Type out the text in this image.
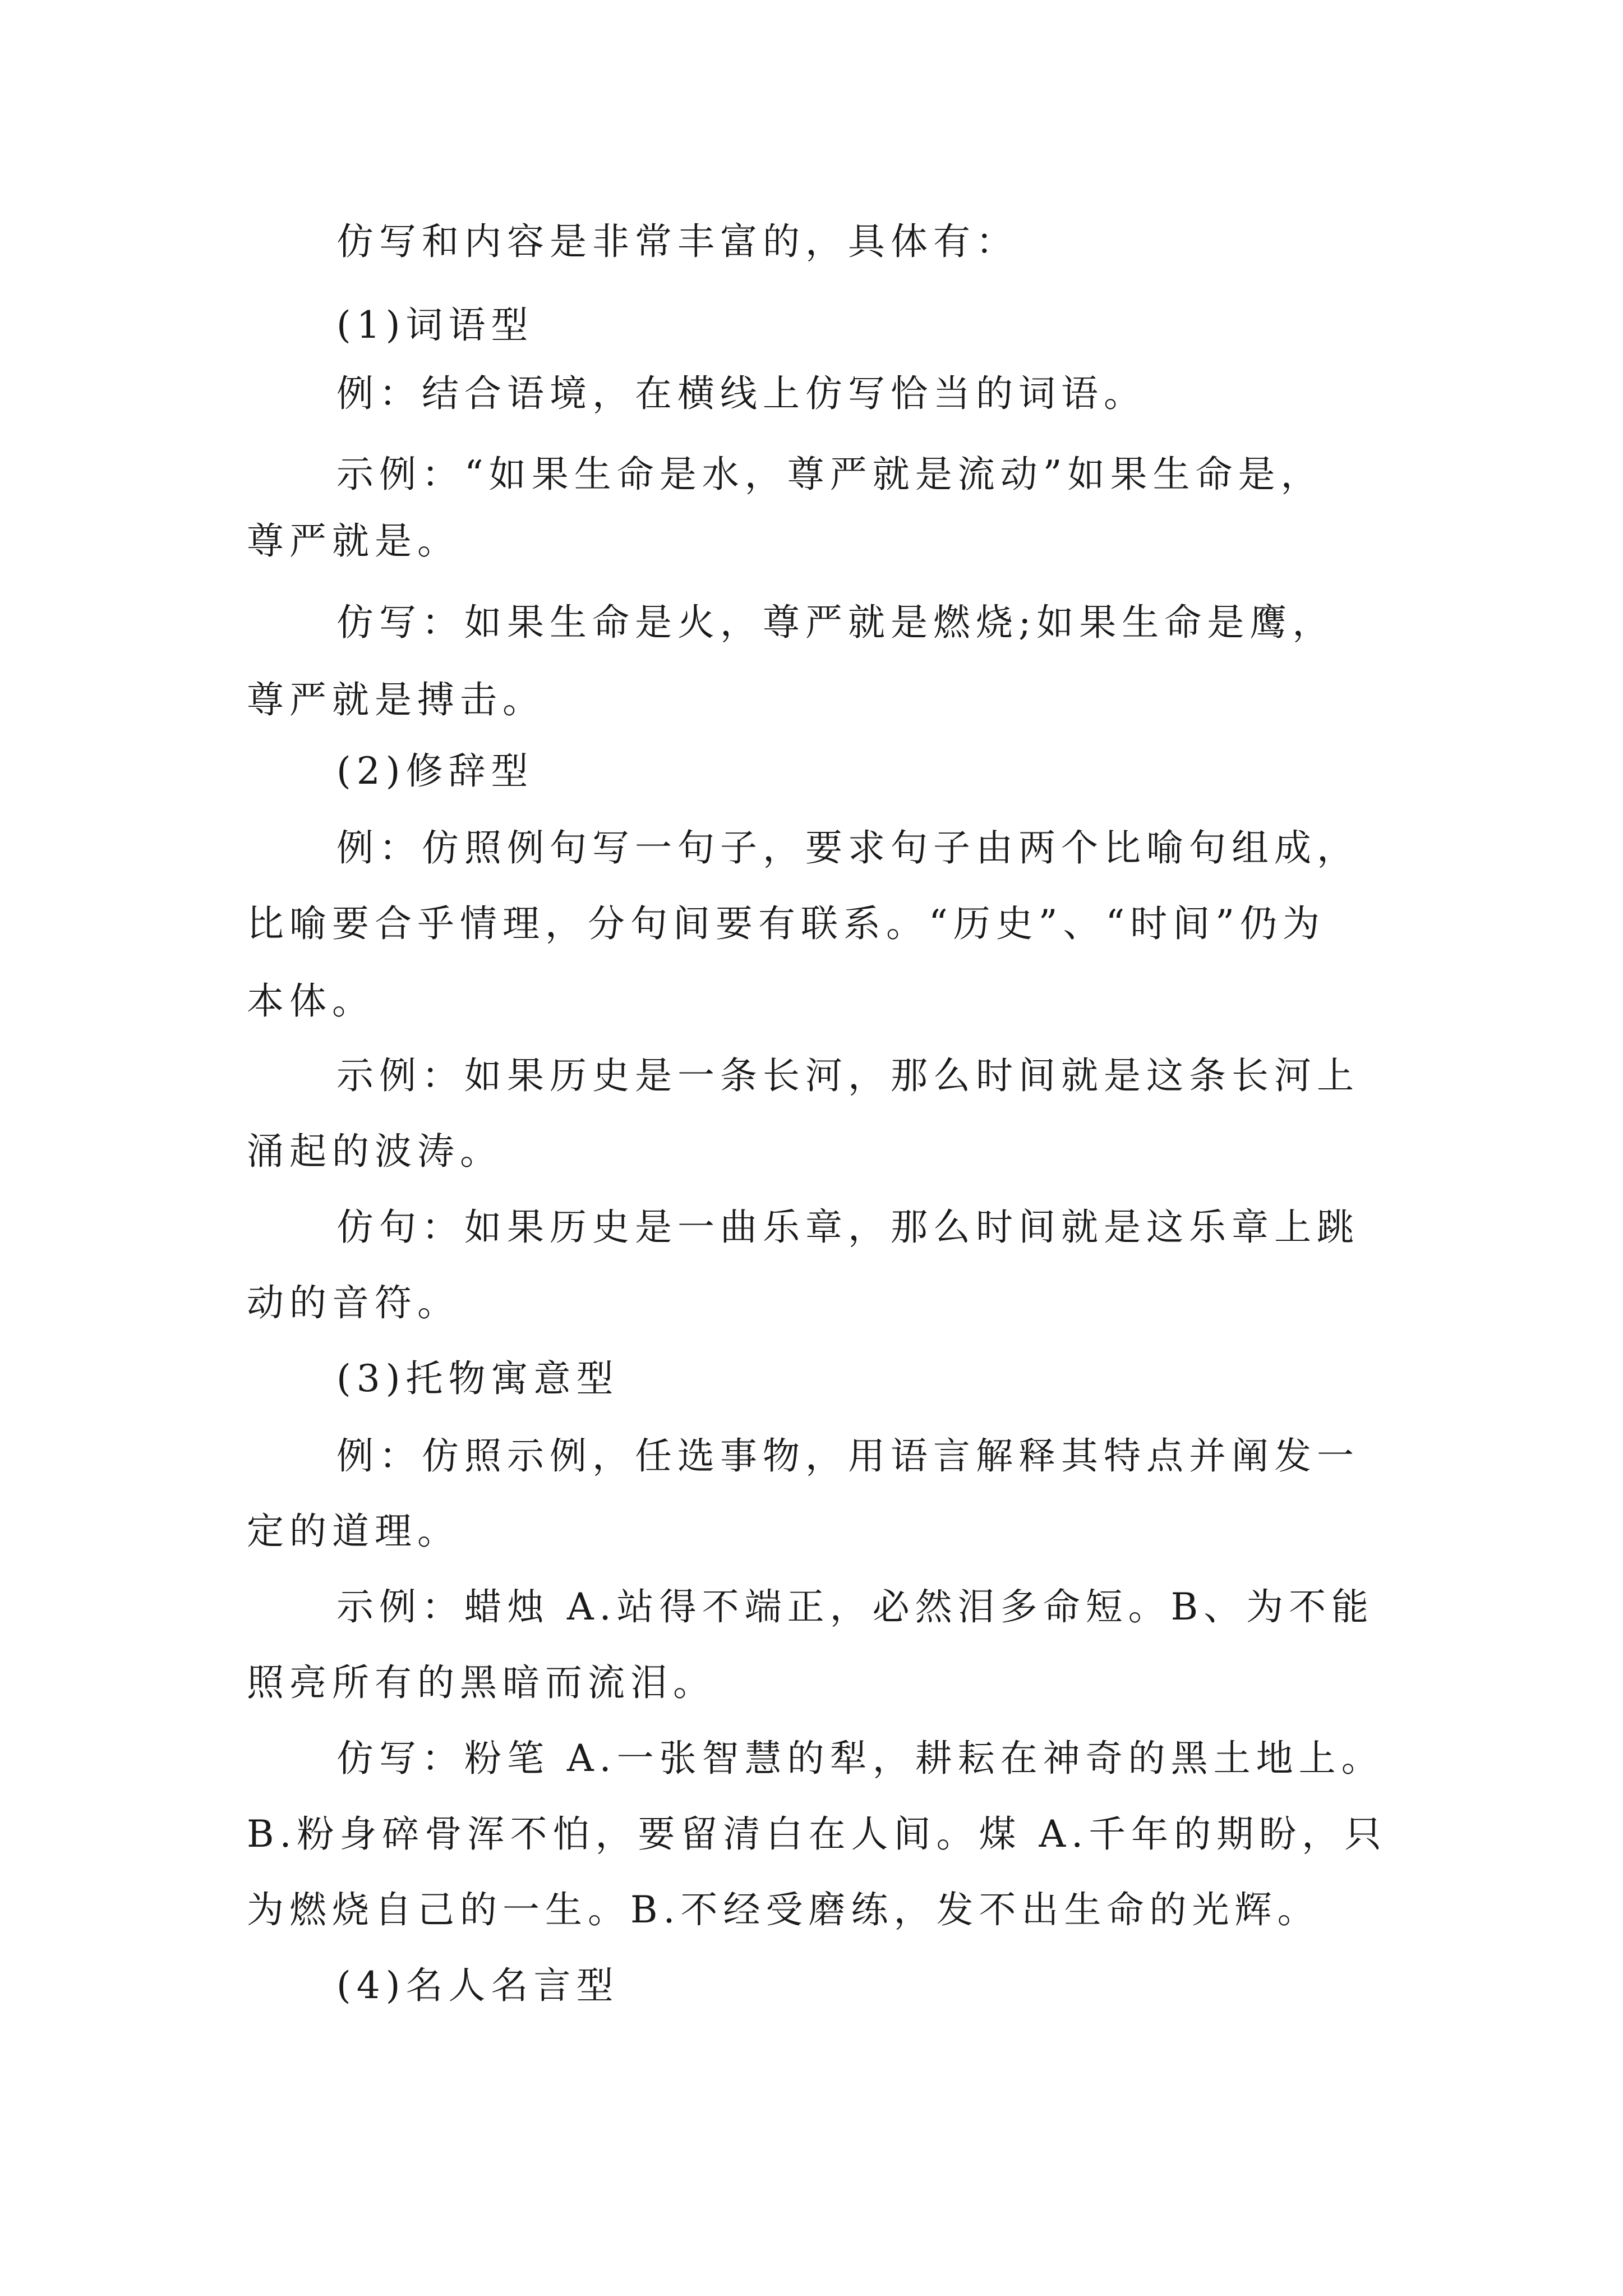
仿写和内容是非常丰富的，具体有：
(1)词语型
例：结合语境，在横线上仿写恰当的词语。
示例：“如果生命是水，尊严就是流动”如果生命是，
尊严就是。
仿写：如果生命是火，尊严就是燃烧;如果生命是鹰，
尊严就是搏击。
(2)修辞型
例：仿照例句写一句子，要求句子由两个比喻句组成，
比喻要合乎情理，分句间要有联系。“历史”、“时间”仍为
本体。
示例：如果历史是一条长河，那么时间就是这条长河上
涌起的波涛。
仿句：如果历史是一曲乐章，那么时间就是这乐章上跳
动的音符。
(3)托物寓意型
例：仿照示例，任选事物，用语言解释其特点并阐发一
定的道理。
示例：蜡烛 A.站得不端正，必然泪多命短。B、为不能
照亮所有的黑暗而流泪。
仿写：粉笔 A.一张智慧的犁，耕耘在神奇的黑土地上。
B.粉身碎骨浑不怕，要留清白在人间。煤 A.千年的期盼，只
为燃烧自己的一生。B.不经受磨练，发不出生命的光辉。
(4)名人名言型
